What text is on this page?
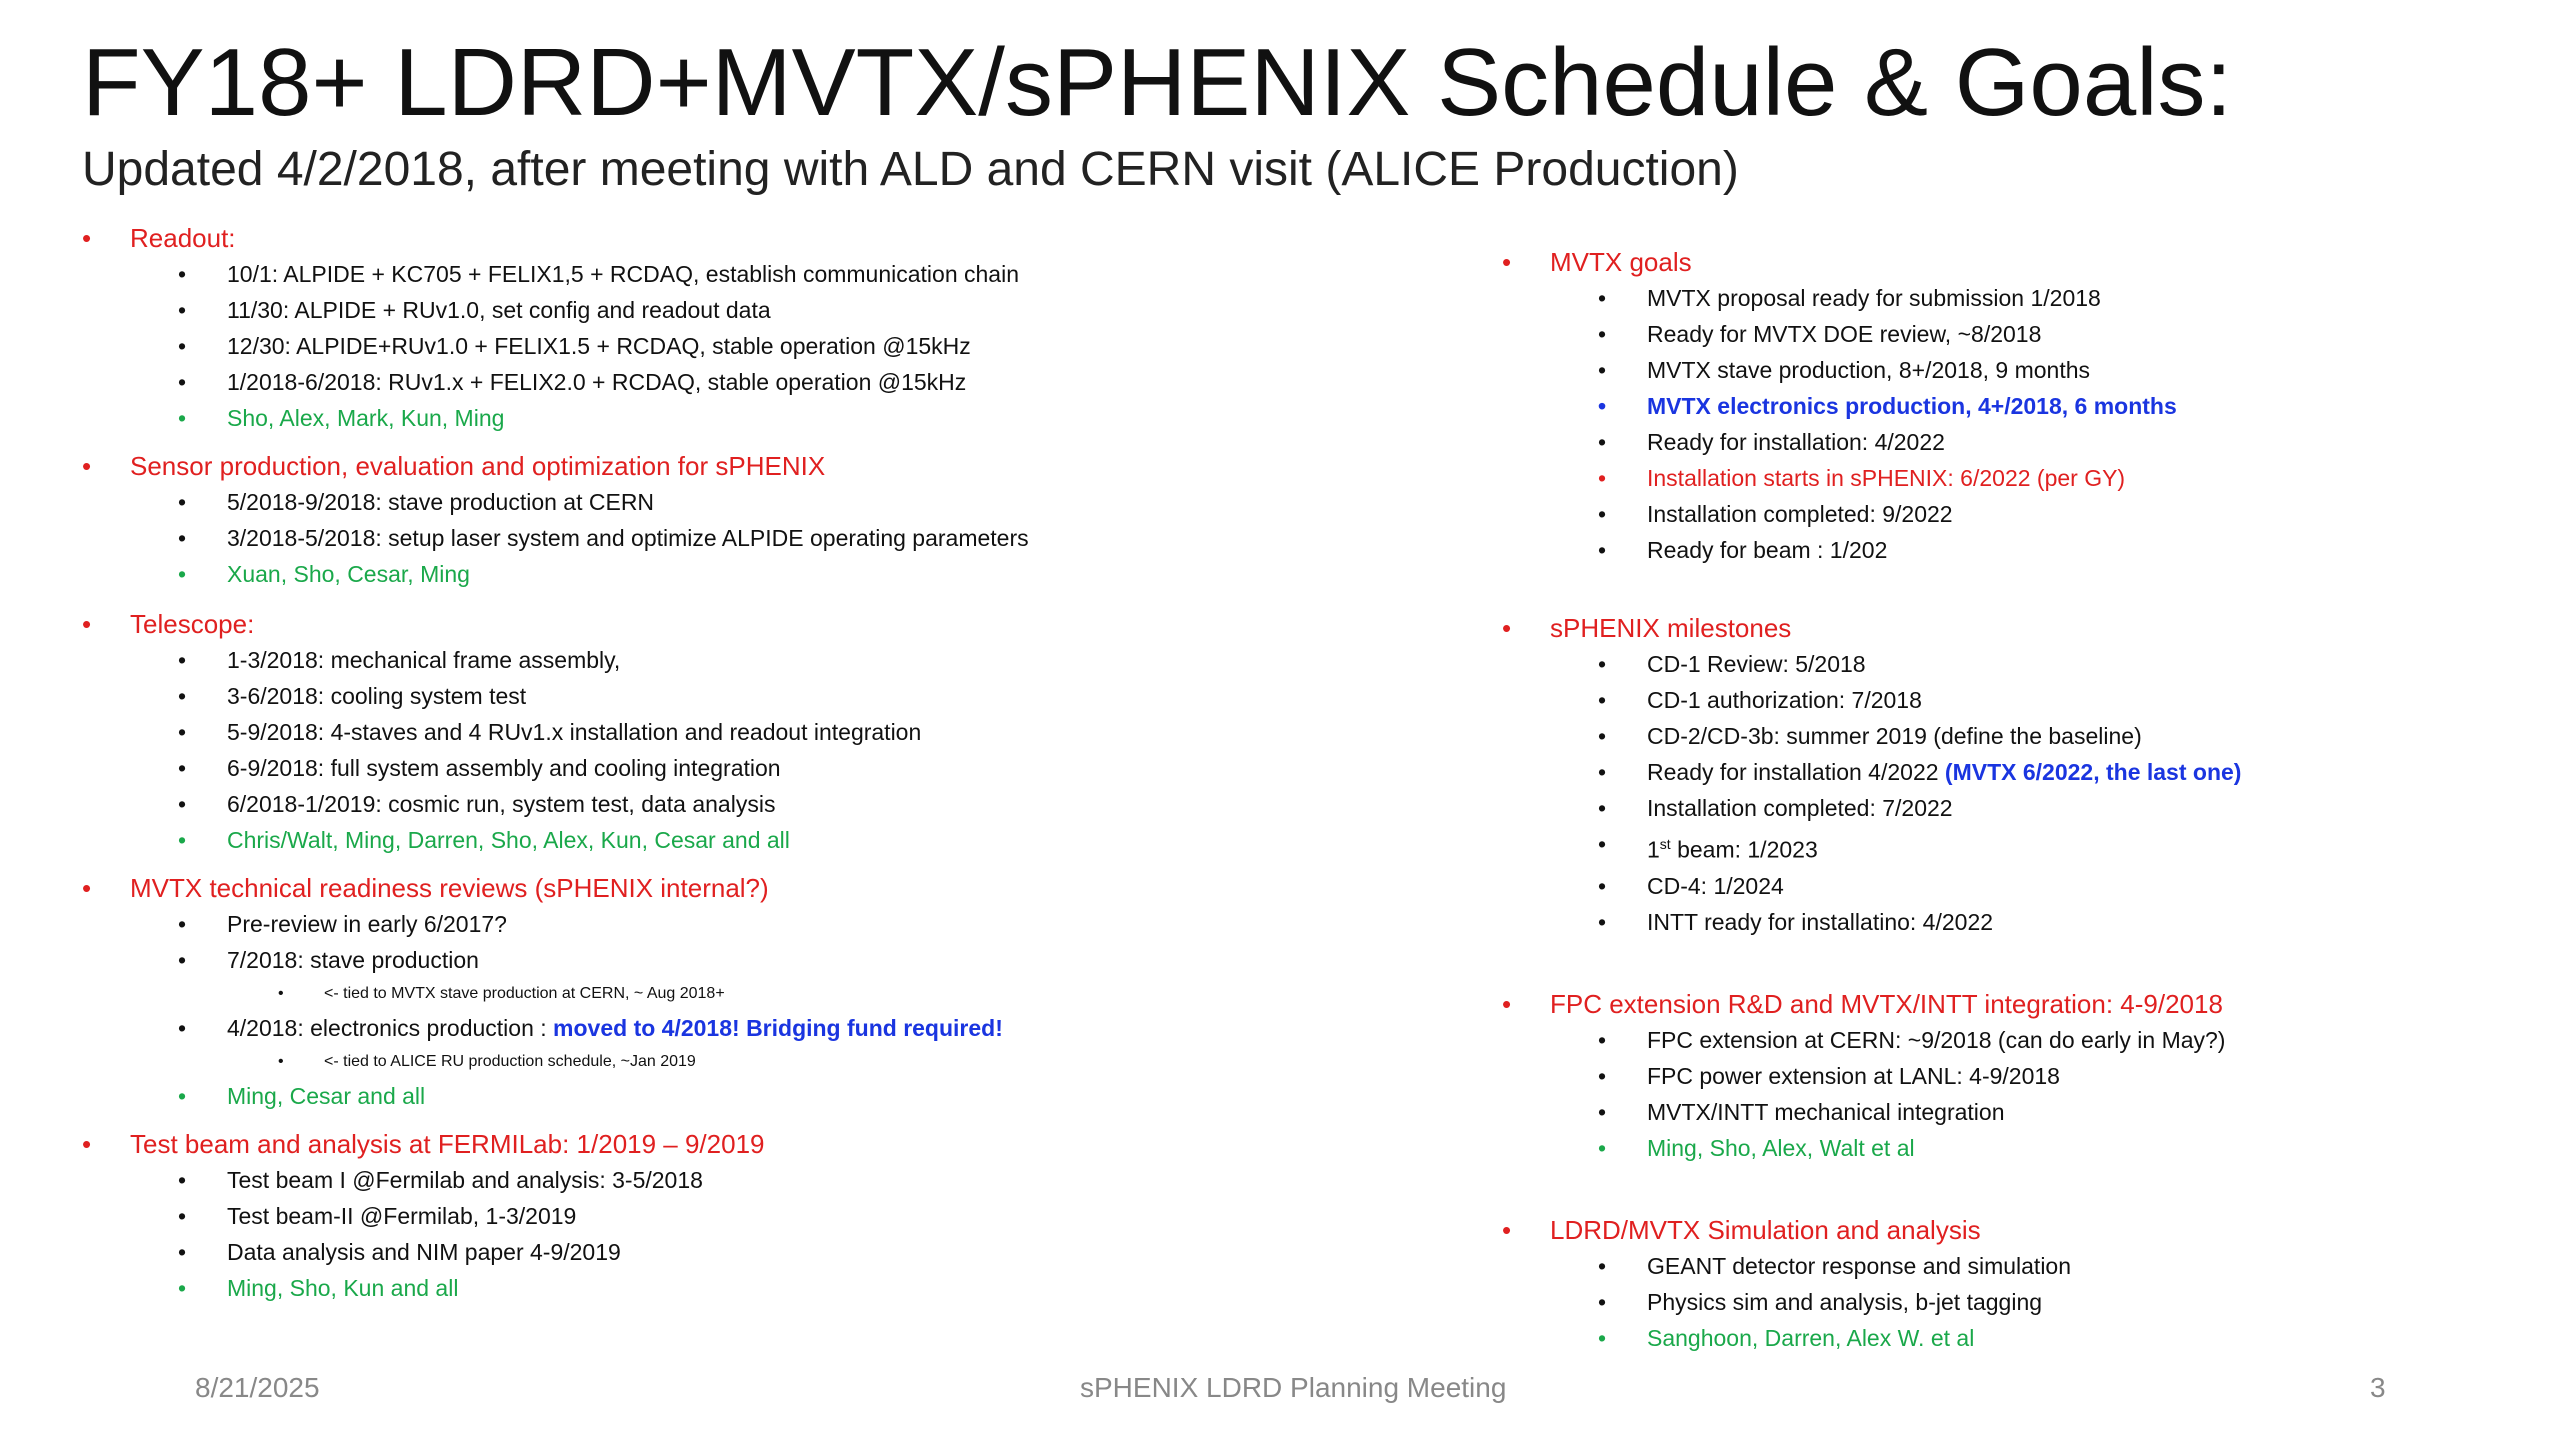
FY18+ LDRD+MVTX/sPHENIX Schedule & Goals:
Updated 4/2/2018, after meeting with ALD and CERN visit (ALICE Production)
• Readout:
• 10/1: ALPIDE + KC705 + FELIX1,5 + RCDAQ, establish communication chain
• 11/30: ALPIDE + RUv1.0, set config and readout data
• 12/30: ALPIDE+RUv1.0 + FELIX1.5 + RCDAQ, stable operation @15kHz
• 1/2018-6/2018: RUv1.x + FELIX2.0 + RCDAQ, stable operation @15kHz
• Sho, Alex, Mark, Kun, Ming
• Sensor production, evaluation and optimization for sPHENIX
• 5/2018-9/2018: stave production at CERN
• 3/2018-5/2018: setup laser system and optimize ALPIDE operating parameters
• Xuan, Sho, Cesar, Ming
• Telescope:
• 1-3/2018: mechanical frame assembly,
• 3-6/2018: cooling system test
• 5-9/2018: 4-staves and 4 RUv1.x installation and readout integration
• 6-9/2018: full system assembly and cooling integration
• 6/2018-1/2019: cosmic run, system test, data analysis
• Chris/Walt, Ming, Darren, Sho, Alex, Kun, Cesar and all
• MVTX technical readiness reviews (sPHENIX internal?)
• Pre-review in early 6/2017?
• 7/2018: stave production
• <- tied to MVTX stave production at CERN, ~ Aug 2018+
• 4/2018: electronics production : moved to 4/2018! Bridging fund required!
• <- tied to ALICE RU production schedule, ~Jan 2019
• Ming, Cesar and all
• Test beam and analysis at FERMILab: 1/2019 – 9/2019
• Test beam I @Fermilab and analysis: 3-5/2018
• Test beam-II @Fermilab, 1-3/2019
• Data analysis and NIM paper 4-9/2019
• Ming, Sho, Kun and all
• MVTX goals
• MVTX proposal ready for submission 1/2018
• Ready for MVTX DOE review, ~8/2018
• MVTX stave production, 8+/2018, 9 months
• MVTX electronics production, 4+/2018, 6 months
• Ready for installation: 4/2022
• Installation starts in sPHENIX: 6/2022 (per GY)
• Installation completed: 9/2022
• Ready for beam : 1/202
• sPHENIX milestones
• CD-1 Review: 5/2018
• CD-1 authorization: 7/2018
• CD-2/CD-3b: summer 2019 (define the baseline)
• Ready for installation 4/2022 (MVTX 6/2022, the last one)
• Installation completed: 7/2022
• 1st beam: 1/2023
• CD-4: 1/2024
• INTT ready for installatino: 4/2022
• FPC extension R&D and MVTX/INTT integration: 4-9/2018
• FPC extension at CERN: ~9/2018 (can do early in May?)
• FPC power extension at LANL: 4-9/2018
• MVTX/INTT mechanical integration
• Ming, Sho, Alex, Walt et al
• LDRD/MVTX Simulation and analysis
• GEANT detector response and simulation
• Physics sim and analysis, b-jet tagging
• Sanghoon, Darren, Alex W. et al
8/21/2025	sPHENIX LDRD Planning Meeting	3
